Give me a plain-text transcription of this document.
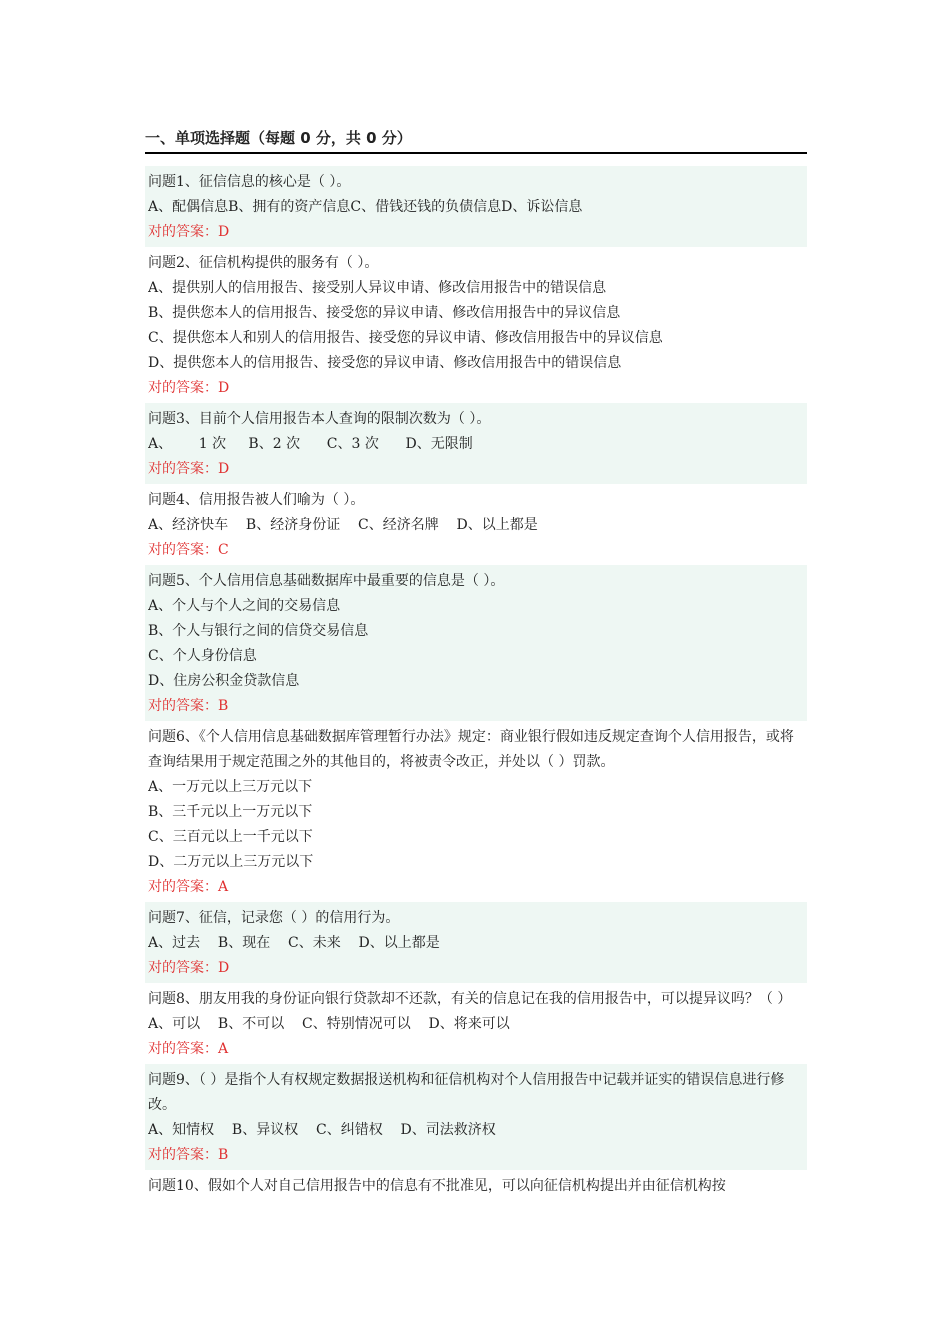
一、单项选择题（每题 0 分，共 0 分）
问题1、征信信息的核心是（ ）。
A、配偶信息B、拥有的资产信息C、借钱还钱的负债信息D、诉讼信息
对的答案：D
问题2、征信机构提供的服务有（ ）。
A、提供别人的信用报告、接受别人异议申请、修改信用报告中的错误信息
B、提供您本人的信用报告、接受您的异议申请、修改信用报告中的异议信息
C、提供您本人和别人的信用报告、接受您的异议申请、修改信用报告中的异议信息
D、提供您本人的信用报告、接受您的异议申请、修改信用报告中的错误信息
对的答案：D
问题3、目前个人信用报告本人查询的限制次数为（ ）。
A、      1 次     B、2 次      C、3 次      D、无限制
对的答案：D
问题4、信用报告被人们喻为（ ）。
A、经济快车    B、经济身份证    C、经济名牌    D、以上都是
对的答案：C
问题5、个人信用信息基础数据库中最重要的信息是（ ）。
A、个人与个人之间的交易信息
B、个人与银行之间的信贷交易信息
C、个人身份信息
D、住房公积金贷款信息
对的答案：B
问题6、《个人信用信息基础数据库管理暂行办法》规定：商业银行假如违反规定查询个人信用报告，或将查询结果用于规定范围之外的其他目的，将被责令改正，并处以（ ）罚款。
A、一万元以上三万元以下
B、三千元以上一万元以下
C、三百元以上一千元以下
D、二万元以上三万元以下
对的答案：A
问题7、征信，记录您（ ）的信用行为。
A、过去    B、现在    C、未来    D、以上都是
对的答案：D
问题8、朋友用我的身份证向银行贷款却不还款，有关的信息记在我的信用报告中，可以提异议吗？（ ）
A、可以    B、不可以    C、特别情况可以    D、将来可以
对的答案：A
问题9、（ ）是指个人有权规定数据报送机构和征信机构对个人信用报告中记载并证实的错误信息进行修改。
A、知情权    B、异议权    C、纠错权    D、司法救济权
对的答案：B
问题10、假如个人对自己信用报告中的信息有不批准见，可以向征信机构提出并由征信机构按
